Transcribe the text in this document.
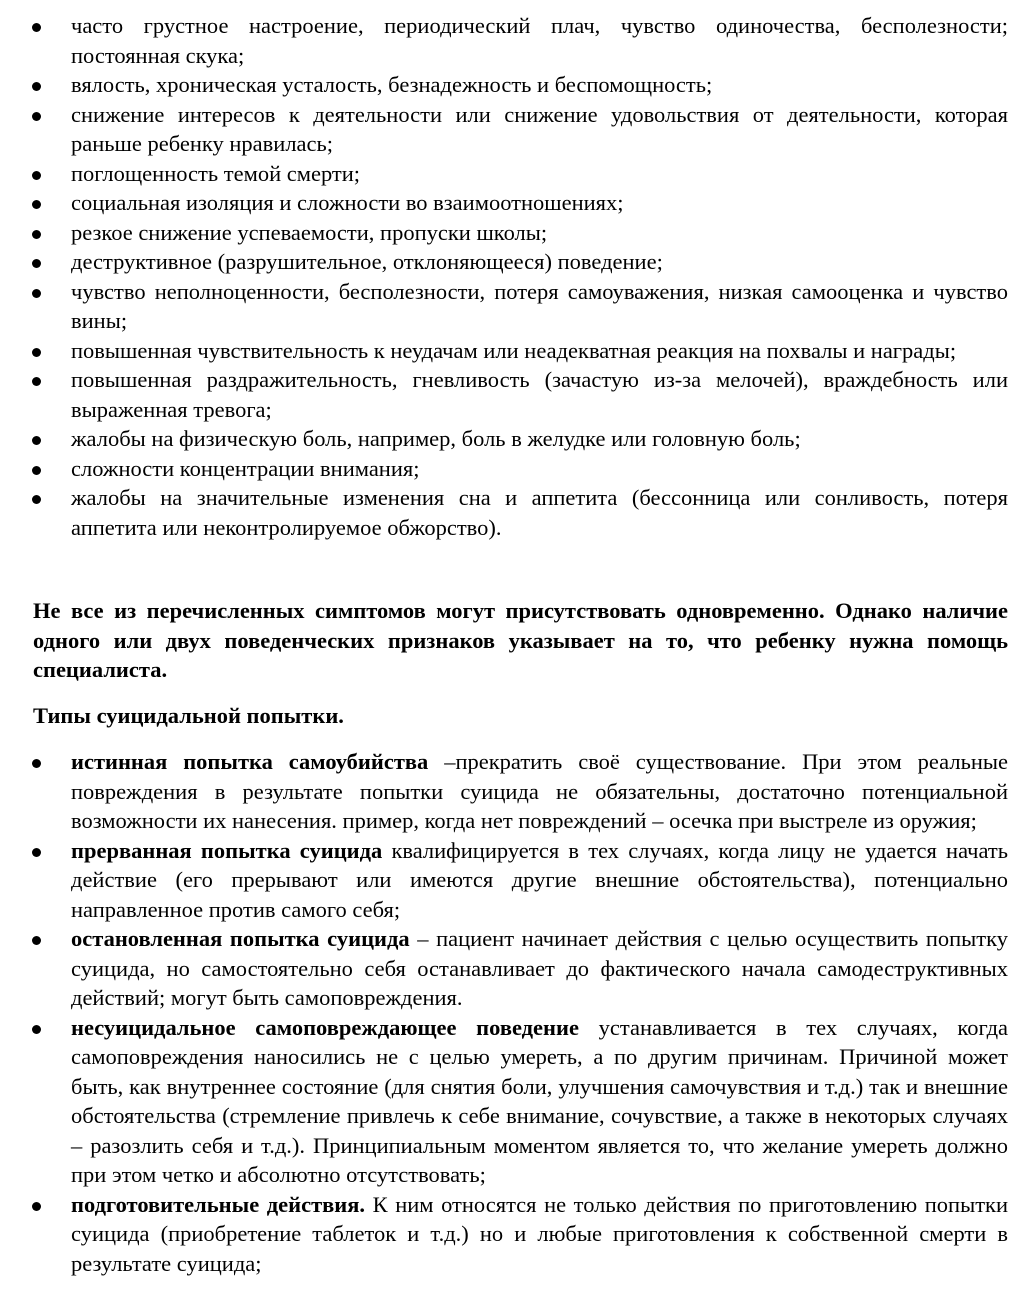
часто грустное настроение, периодический плач, чувство одиночества, бесполезности; постоянная скука;
вялость, хроническая усталость, безнадежность и беспомощность;
снижение интересов к деятельности или снижение удовольствия от деятельности, которая раньше ребенку нравилась;
поглощенность темой смерти;
социальная изоляция и сложности во взаимоотношениях;
резкое снижение успеваемости, пропуски школы;
деструктивное (разрушительное, отклоняющееся) поведение;
чувство неполноценности, бесполезности, потеря самоуважения, низкая самооценка и чувство вины;
повышенная чувствительность к неудачам или неадекватная реакция на похвалы и награды;
повышенная раздражительность, гневливость (зачастую из-за мелочей), враждебность или выраженная тревога;
жалобы на физическую боль, например, боль в желудке или головную боль;
сложности концентрации внимания;
жалобы на значительные изменения сна и аппетита (бессонница или сонливость, потеря аппетита или неконтролируемое обжорство).
Не все из перечисленных симптомов могут присутствовать одновременно. Однако наличие одного или двух поведенческих признаков указывает на то, что ребенку нужна помощь специалиста.
Типы суицидальной попытки.
истинная попытка самоубийства –прекратить своё существование. При этом реальные повреждения в результате попытки суицида не обязательны, достаточно потенциальной возможности их нанесения. пример, когда нет повреждений – осечка при выстреле из оружия;
прерванная попытка суицида квалифицируется в тех случаях, когда лицу не удается начать действие (его прерывают или имеются другие внешние обстоятельства), потенциально направленное против самого себя;
остановленная попытка суицида – пациент начинает действия с целью осуществить попытку суицида, но самостоятельно себя останавливает до фактического начала самодеструктивных действий; могут быть самоповреждения.
несуицидальное самоповреждающее поведение устанавливается в тех случаях, когда самоповреждения наносились не с целью умереть, а по другим причинам. Причиной может быть, как внутреннее состояние (для снятия боли, улучшения самочувствия и т.д.) так и внешние обстоятельства (стремление привлечь к себе внимание, сочувствие, а также в некоторых случаях – разозлить себя и т.д.). Принципиальным моментом является то, что желание умереть должно при этом четко и абсолютно отсутствовать;
подготовительные действия. К ним относятся не только действия по приготовлению попытки суицида (приобретение таблеток и т.д.) но и любые приготовления к собственной смерти в результате суицида;
